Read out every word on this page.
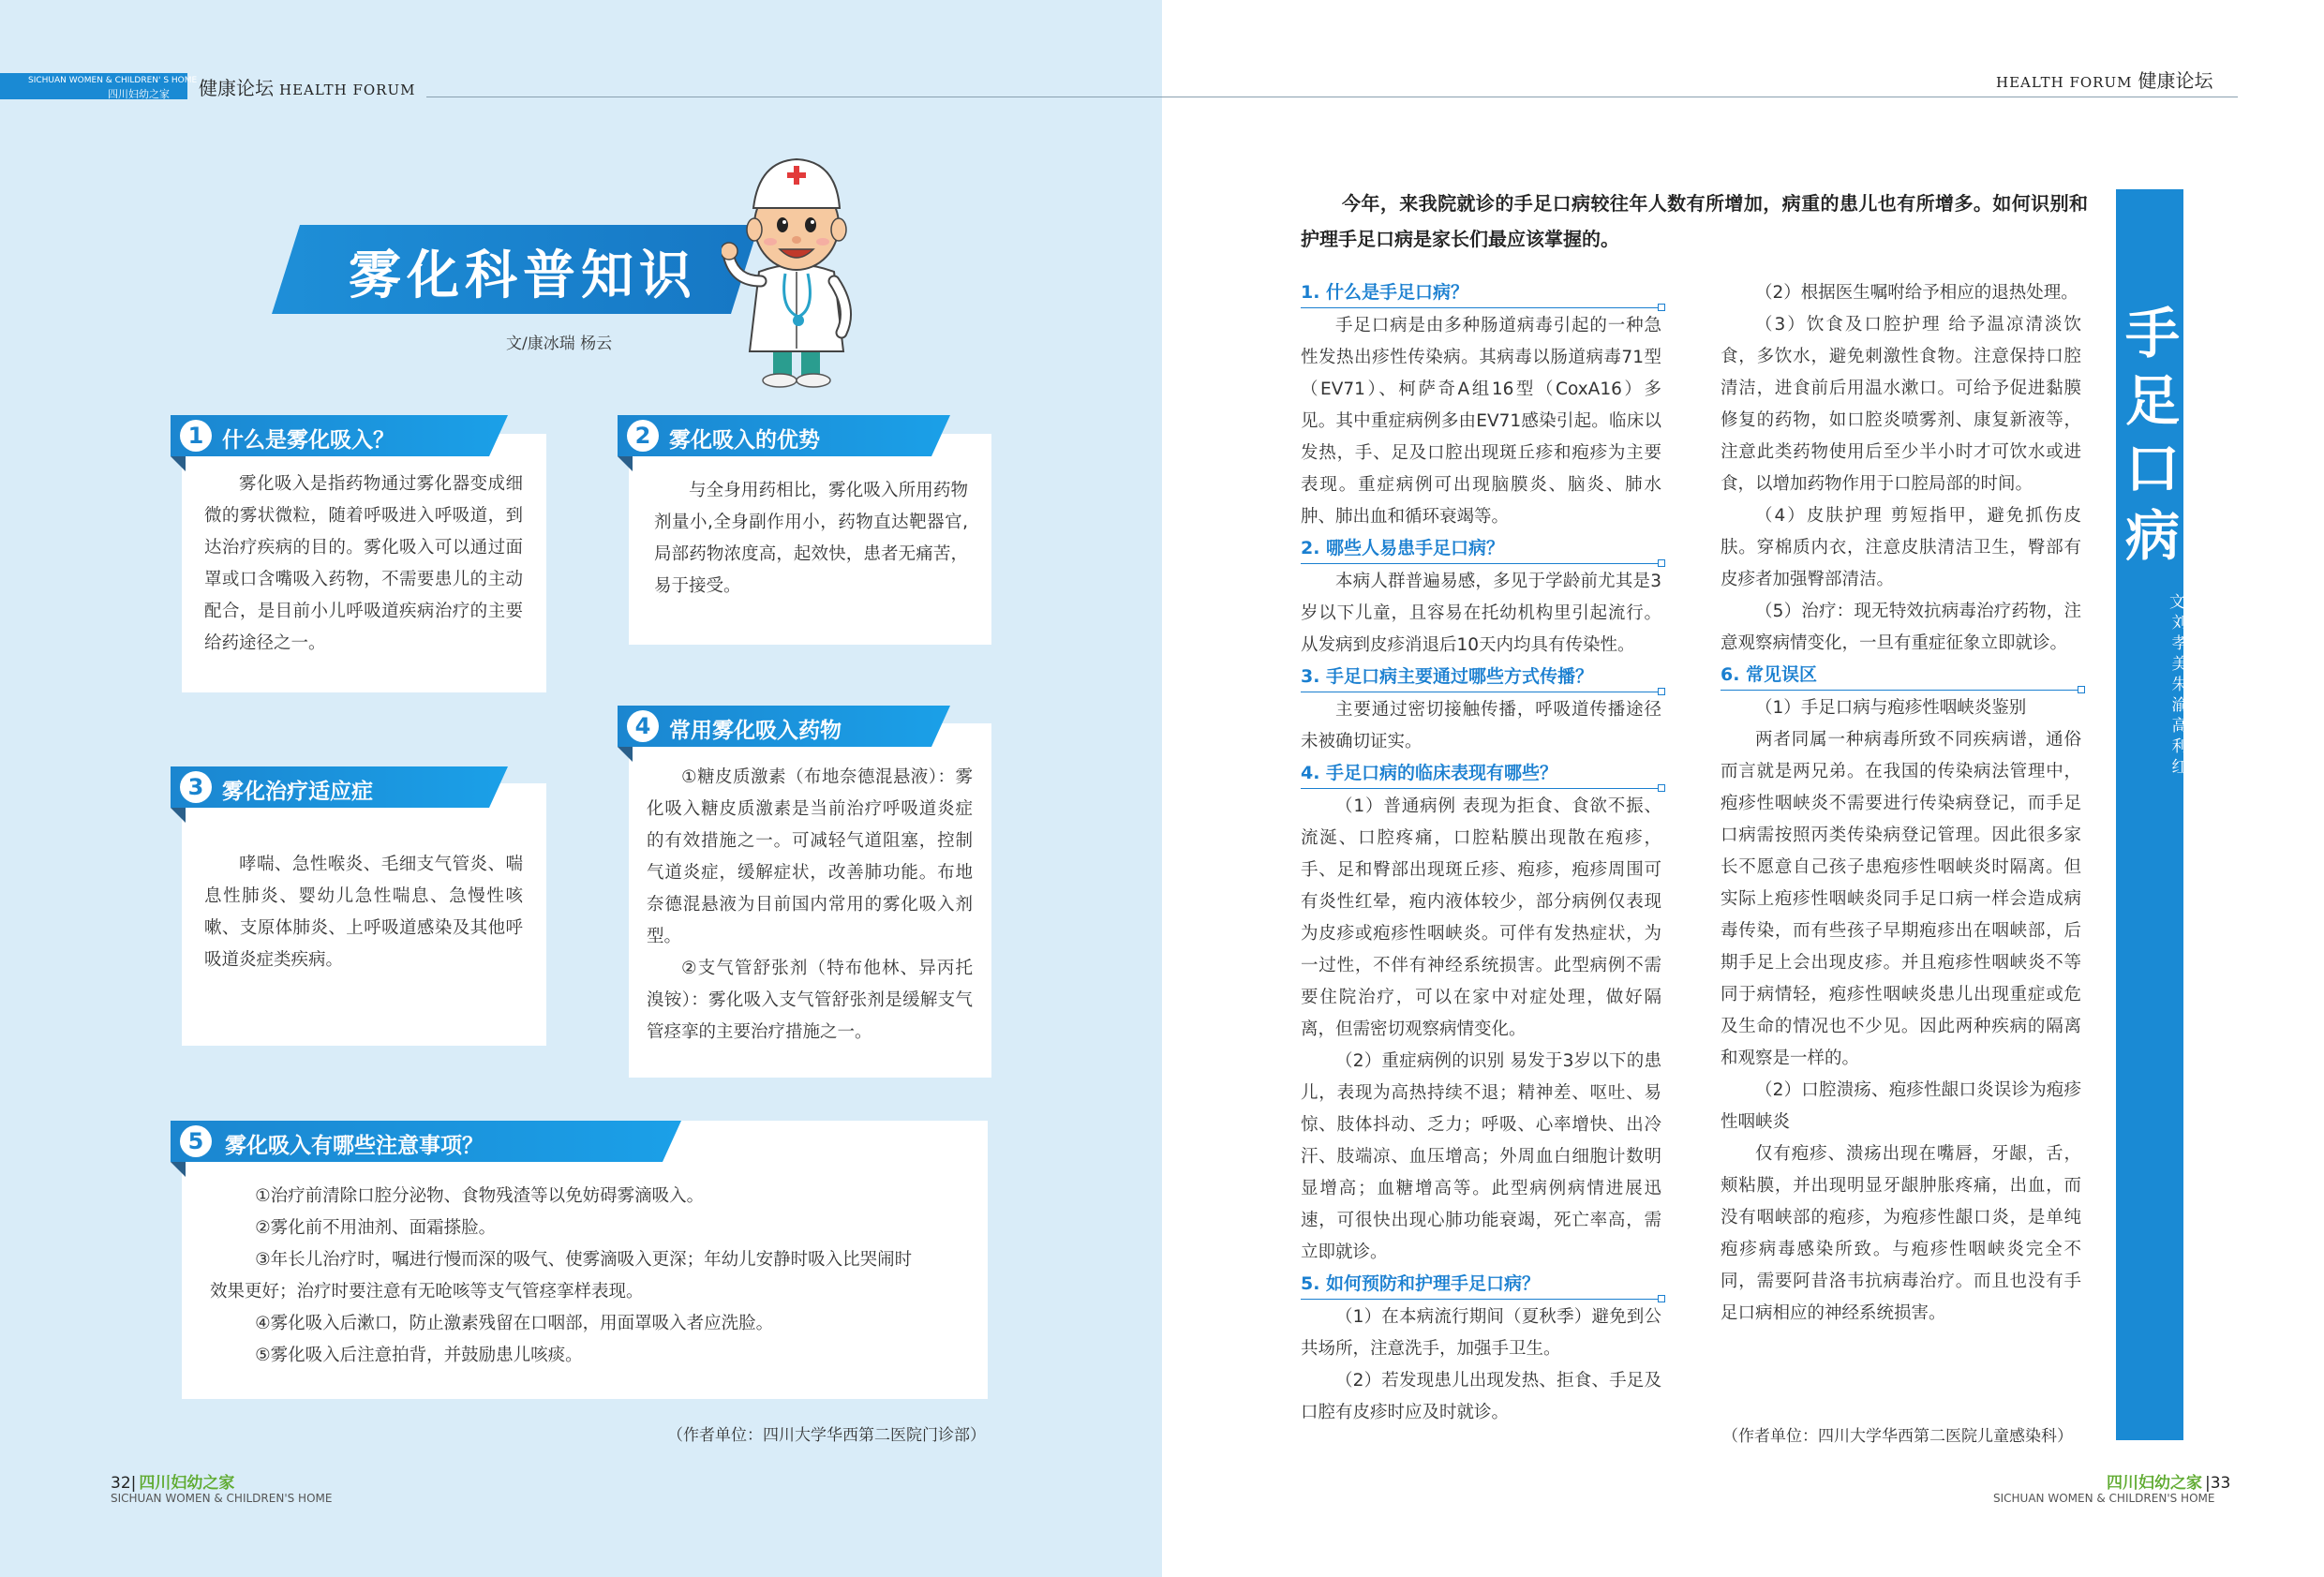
SICHUAN WOMEN & CHILDREN' S HOME
四川妇幼之家 健康论坛 HEALTH FORUM
雾化科普知识
文/康冰瑞 杨云
1 什么是雾化吸入？

雾化吸入是指药物通过雾化器变成细微的雾状微粒，随着呼吸进入呼吸道，到达治疗疾病的目的。雾化吸入可以通过面罩或口含嘴吸入药物，不需要患儿的主动配合，是目前小儿呼吸道疾病治疗的主要给药途径之一。

2 雾化吸入的优势

与全身用药相比，雾化吸入所用药物剂量小,全身副作用小，药物直达靶器官,局部药物浓度高，起效快，患者无痛苦，易于接受。

3 雾化治疗适应症

哮喘、急性喉炎、毛细支气管炎、喘息性肺炎、婴幼儿急性喘息、急慢性咳嗽、支原体肺炎、上呼吸道感染及其他呼吸道炎症类疾病。

4 常用雾化吸入药物

①糖皮质激素（布地奈德混悬液）：雾化吸入糖皮质激素是当前治疗呼吸道炎症的有效措施之一。可减轻气道阻塞，控制气道炎症，缓解症状，改善肺功能。布地奈德混悬液为目前国内常用的雾化吸入剂型。

②支气管舒张剂（特布他林、异丙托溴铵）：雾化吸入支气管舒张剂是缓解支气管痉挛的主要治疗措施之一。

5 雾化吸入有哪些注意事项？

①治疗前清除口腔分泌物、食物残渣等以免妨碍雾滴吸入。

②雾化前不用油剂、面霜搽脸。

③年长儿治疗时，嘱进行慢而深的吸气、使雾滴吸入更深；年幼儿安静时吸入比哭闹时

效果更好；治疗时要注意有无呛咳等支气管痉挛样表现。

④雾化吸入后漱口，防止激素残留在口咽部，用面罩吸入者应洗脸。

⑤雾化吸入后注意拍背，并鼓励患儿咳痰。

（作者单位：四川大学华西第二医院门诊部）
32| 四川妇幼之家
SICHUAN WOMEN & CHILDREN'S HOME
HEALTH FORUM 健康论坛
今年，来我院就诊的手足口病较往年人数有所增加，病重的患儿也有所增多。如何识别和护理手足口病是家长们最应该掌握的。
1. 什么是手足口病？

手足口病是由多种肠道病毒引起的一种急性发热出疹性传染病。其病毒以肠道病毒71型（EV71）、柯萨奇A组16型（CoxA16）多见。其中重症病例多由EV71感染引起。临床以发热，手、足及口腔出现斑丘疹和疱疹为主要表现。重症病例可出现脑膜炎、脑炎、肺水肿、肺出血和循环衰竭等。

2. 哪些人易患手足口病？

本病人群普遍易感，多见于学龄前尤其是3岁以下儿童，且容易在托幼机构里引起流行。从发病到皮疹消退后10天内均具有传染性。

3. 手足口病主要通过哪些方式传播？

主要通过密切接触传播，呼吸道传播途径未被确切证实。

4. 手足口病的临床表现有哪些？

（1）普通病例 表现为拒食、食欲不振、流涎、口腔疼痛，口腔粘膜出现散在疱疹，手、足和臀部出现斑丘疹、疱疹，疱疹周围可有炎性红晕，疱内液体较少，部分病例仅表现为皮疹或疱疹性咽峡炎。可伴有发热症状，为一过性，不伴有神经系统损害。此型病例不需要住院治疗，可以在家中对症处理，做好隔离，但需密切观察病情变化。

（2）重症病例的识别 易发于3岁以下的患儿，表现为高热持续不退；精神差、呕吐、易惊、肢体抖动、乏力；呼吸、心率增快、出冷汗、肢端凉、血压增高；外周血白细胞计数明显增高；血糖增高等。此型病例病情进展迅速，可很快出现心肺功能衰竭，死亡率高，需立即就诊。

5. 如何预防和护理手足口病？

（1）在本病流行期间（夏秋季）避免到公共场所，注意洗手，加强手卫生。

（2）若发现患儿出现发热、拒食、手足及口腔有皮疹时应及时就诊。

（2）根据医生嘱咐给予相应的退热处理。

（3）饮食及口腔护理 给予温凉清淡饮食，多饮水，避免刺激性食物。注意保持口腔清洁，进食前后用温水漱口。可给予促进黏膜修复的药物，如口腔炎喷雾剂、康复新液等，注意此类药物使用后至少半小时才可饮水或进食，以增加药物作用于口腔局部的时间。

（4）皮肤护理 剪短指甲，避免抓伤皮肤。穿棉质内衣，注意皮肤清洁卫生，臀部有皮疹者加强臀部清洁。

（5）治疗：现无特效抗病毒治疗药物，注意观察病情变化，一旦有重症征象立即就诊。

6. 常见误区

（1）手足口病与疱疹性咽峡炎鉴别

两者同属一种病毒所致不同疾病谱，通俗而言就是两兄弟。在我国的传染病法管理中，疱疹性咽峡炎不需要进行传染病登记，而手足口病需按照丙类传染病登记管理。因此很多家长不愿意自己孩子患疱疹性咽峡炎时隔离。但实际上疱疹性咽峡炎同手足口病一样会造成病毒传染，而有些孩子早期疱疹出在咽峡部，后期手足上会出现皮疹。并且疱疹性咽峡炎不等同于病情轻，疱疹性咽峡炎患儿出现重症或危及生命的情况也不少见。因此两种疾病的隔离和观察是一样的。

（2）口腔溃疡、疱疹性龈口炎误诊为疱疹性咽峡炎

仅有疱疹、溃疡出现在嘴唇，牙龈，舌，颊粘膜，并出现明显牙龈肿胀疼痛，出血，而没有咽峡部的疱疹，为疱疹性龈口炎，是单纯疱疹病毒感染所致。与疱疹性咽峡炎完全不同，需要阿昔洛韦抗病毒治疗。而且也没有手足口病相应的神经系统损害。

手足口病
文/刘孝美 朱渝 高利红
（作者单位：四川大学华西第二医院儿童感染科）
四川妇幼之家 |33
SICHUAN WOMEN & CHILDREN'S HOME
